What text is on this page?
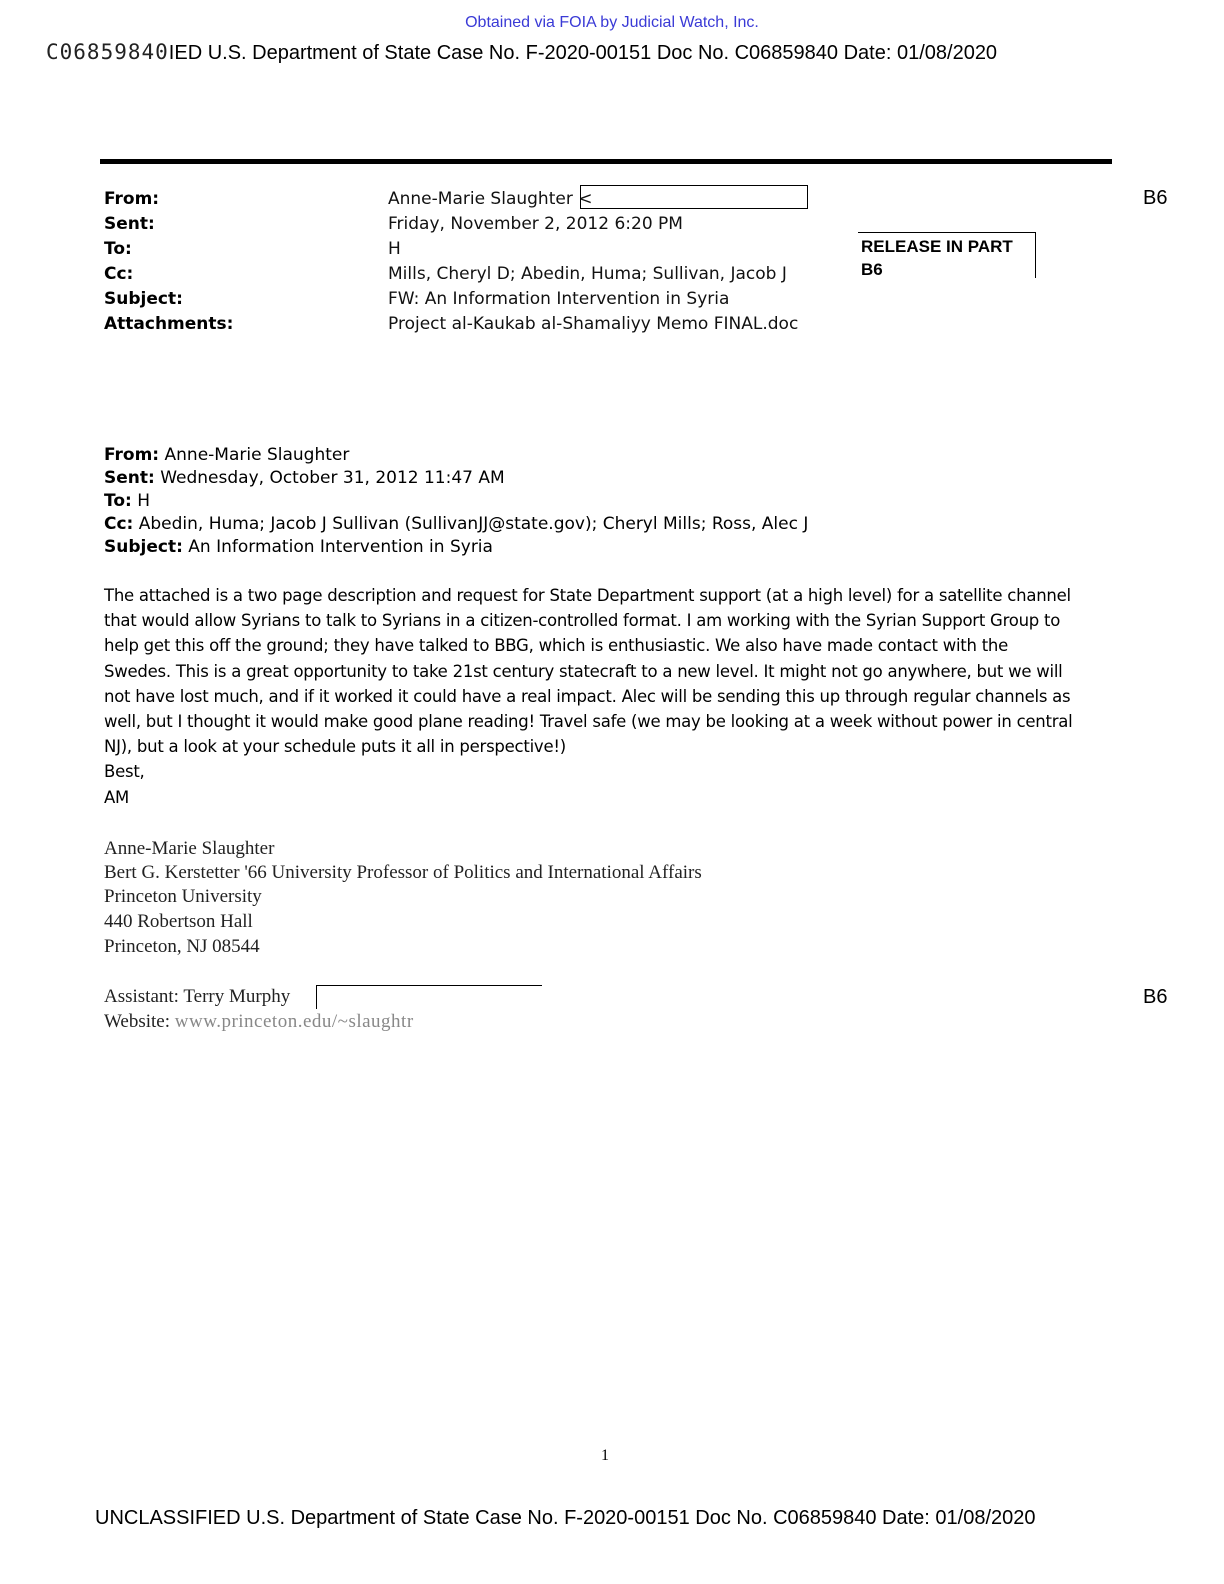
Obtained via FOIA by Judicial Watch, Inc.
C06859840IED U.S. Department of State Case No. F-2020-00151 Doc No. C06859840 Date: 01/08/2020
From:	Anne-Marie Slaughter <
Sent:	Friday, November 2, 2012 6:20 PM
To:	H
Cc:	Mills, Cheryl D; Abedin, Huma; Sullivan, Jacob J
Subject:	FW: An Information Intervention in Syria
Attachments:	Project al-Kaukab al-Shamaliyy Memo FINAL.doc
B6
RELEASE IN PART
B6
From: Anne-Marie Slaughter
Sent: Wednesday, October 31, 2012 11:47 AM
To: H
Cc: Abedin, Huma; Jacob J Sullivan (SullivanJJ@state.gov); Cheryl Mills; Ross, Alec J
Subject: An Information Intervention in Syria
The attached is a two page description and request for State Department support (at a high level) for a satellite channel
that would allow Syrians to talk to Syrians in a citizen-controlled format. I am working with the Syrian Support Group to
help get this off the ground; they have talked to BBG, which is enthusiastic. We also have made contact with the
Swedes. This is a great opportunity to take 21st century statecraft to a new level. It might not go anywhere, but we will
not have lost much, and if it worked it could have a real impact. Alec will be sending this up through regular channels as
well, but I thought it would make good plane reading! Travel safe (we may be looking at a week without power in central
NJ), but a look at your schedule puts it all in perspective!)
Best,
AM
Anne-Marie Slaughter
Bert G. Kerstetter '66 University Professor of Politics and International Affairs
Princeton University
440 Robertson Hall
Princeton, NJ 08544
Assistant: Terry Murphy
Website: www.princeton.edu/~slaughtr
B6
1
UNCLASSIFIED U.S. Department of State Case No. F-2020-00151 Doc No. C06859840 Date: 01/08/2020
